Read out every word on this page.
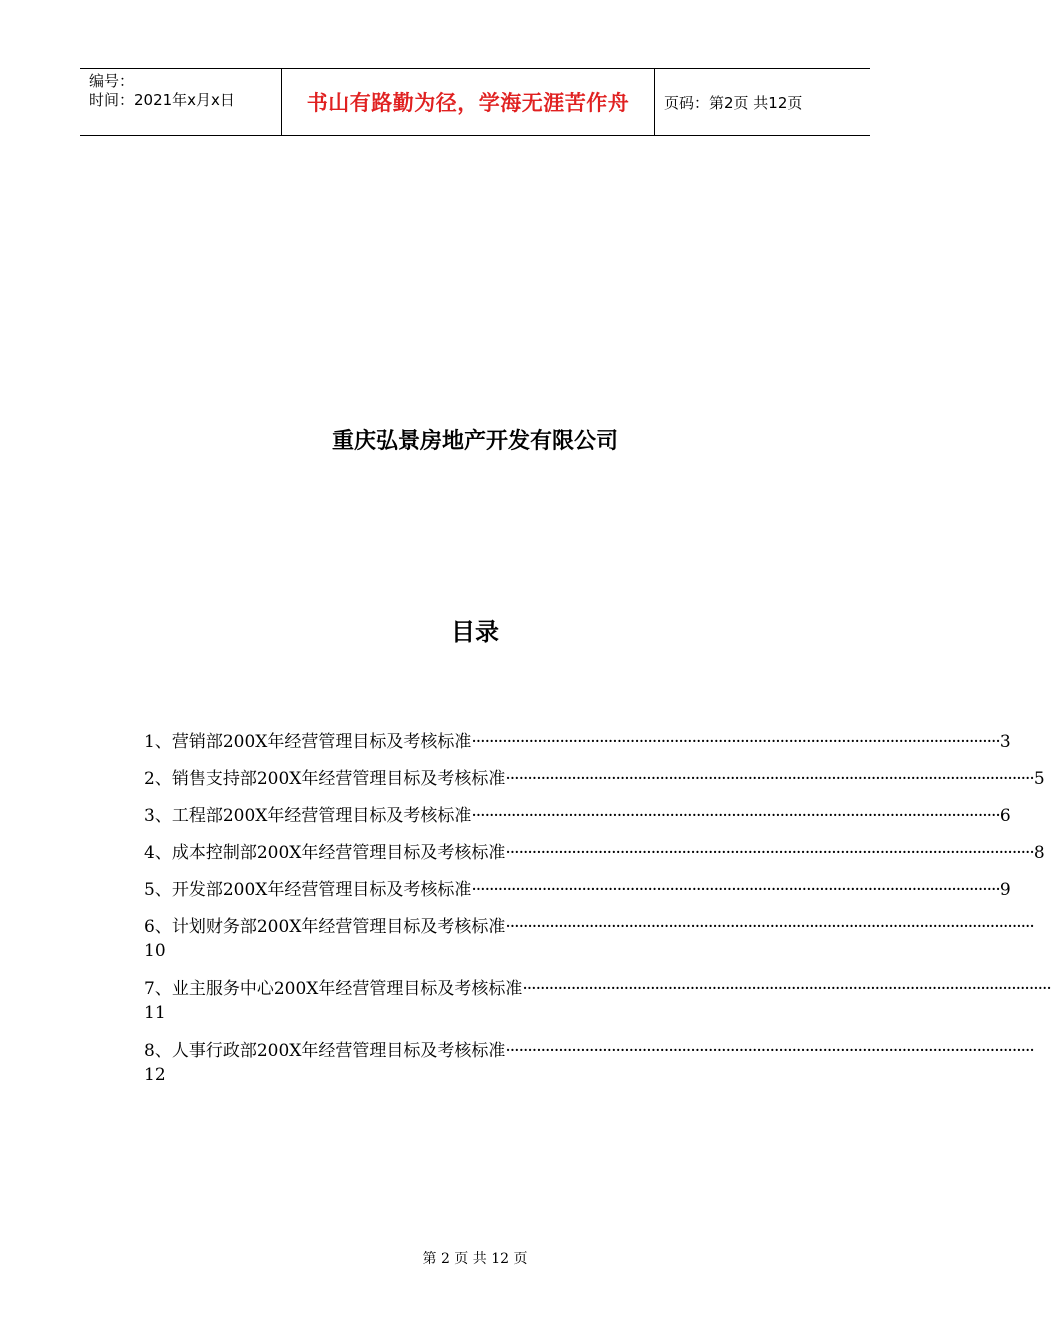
编号：
时间：2021年x月x日	书山有路勤为径，学海无涯苦作舟	页码：第2页 共12页
重庆弘景房地产开发有限公司
目录
1、营销部200X年经营管理目标及考核标准 ························································································································ 3
2、销售支持部200X年经营管理目标及考核标准 ························································································································ 5
3、工程部200X年经营管理目标及考核标准 ························································································································ 6
4、成本控制部200X年经营管理目标及考核标准 ························································································································ 8
5、开发部200X年经营管理目标及考核标准 ························································································································ 9
6、计划财务部200X年经营管理目标及考核标准 ························································································································
10
7、业主服务中心200X年经营管理目标及考核标准 ························································································································
11
8、人事行政部200X年经营管理目标及考核标准 ························································································································
12
第 2 页 共 12 页
